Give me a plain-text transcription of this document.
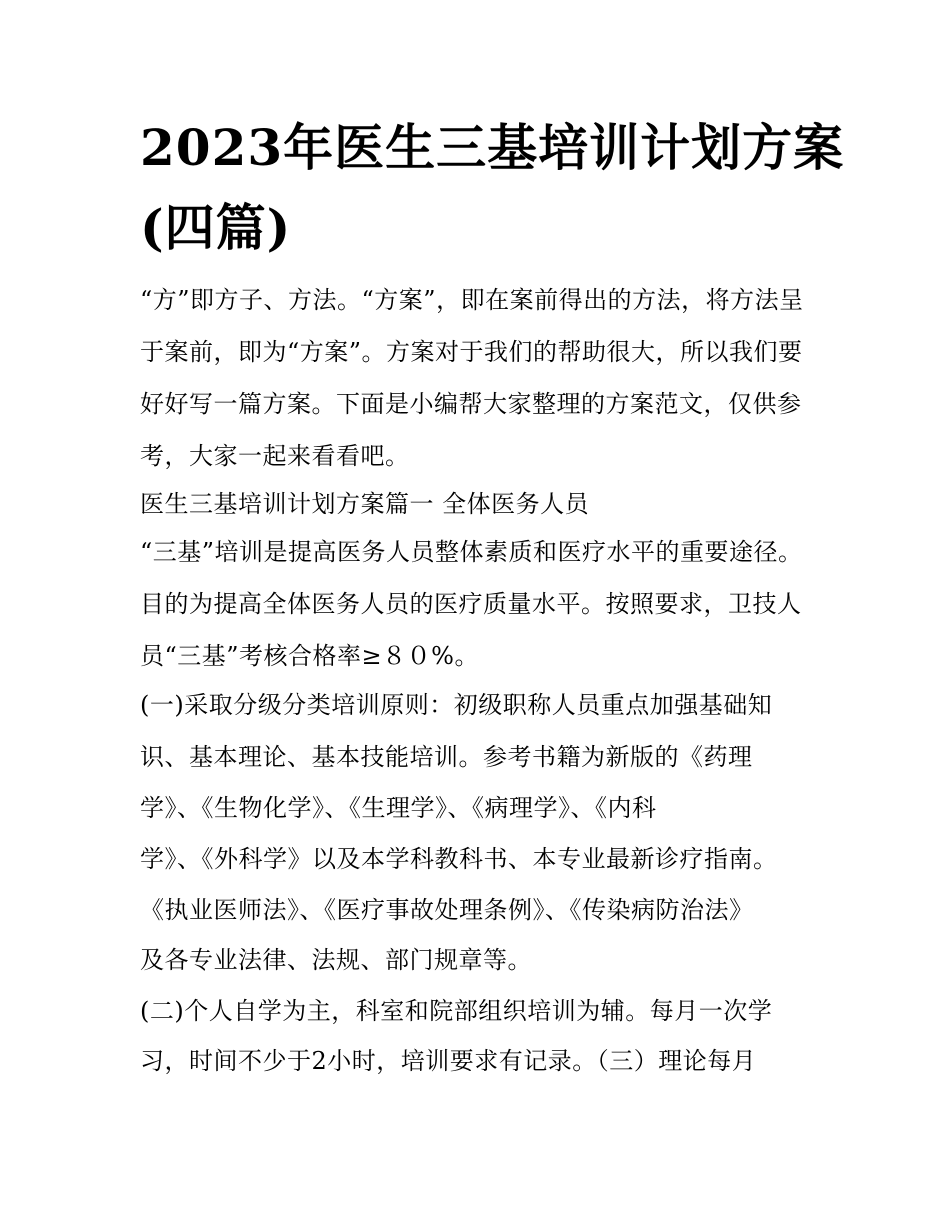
2023年医生三基培训计划方案
(四篇)

“方”即方子、方法。“方案”，即在案前得出的方法，将方法呈

于案前，即为“方案”。方案对于我们的帮助很大，所以我们要

好好写一篇方案。下面是小编帮大家整理的方案范文，仅供参

考，大家一起来看看吧。

医生三基培训计划方案篇一 全体医务人员

“三基”培训是提高医务人员整体素质和医疗水平的重要途径。

目的为提高全体医务人员的医疗质量水平。按照要求，卫技人

员“三基”考核合格率≥８０%。

(一)采取分级分类培训原则：初级职称人员重点加强基础知

识、基本理论、基本技能培训。参考书籍为新版的《药理

学》、《生物化学》、《生理学》、《病理学》、《内科

学》、《外科学》以及本学科教科书、本专业最新诊疗指南。

《执业医师法》、《医疗事故处理条例》、《传染病防治法》

及各专业法律、法规、部门规章等。

(二)个人自学为主，科室和院部组织培训为辅。每月一次学

习，时间不少于2小时，培训要求有记录。（三）理论每月
